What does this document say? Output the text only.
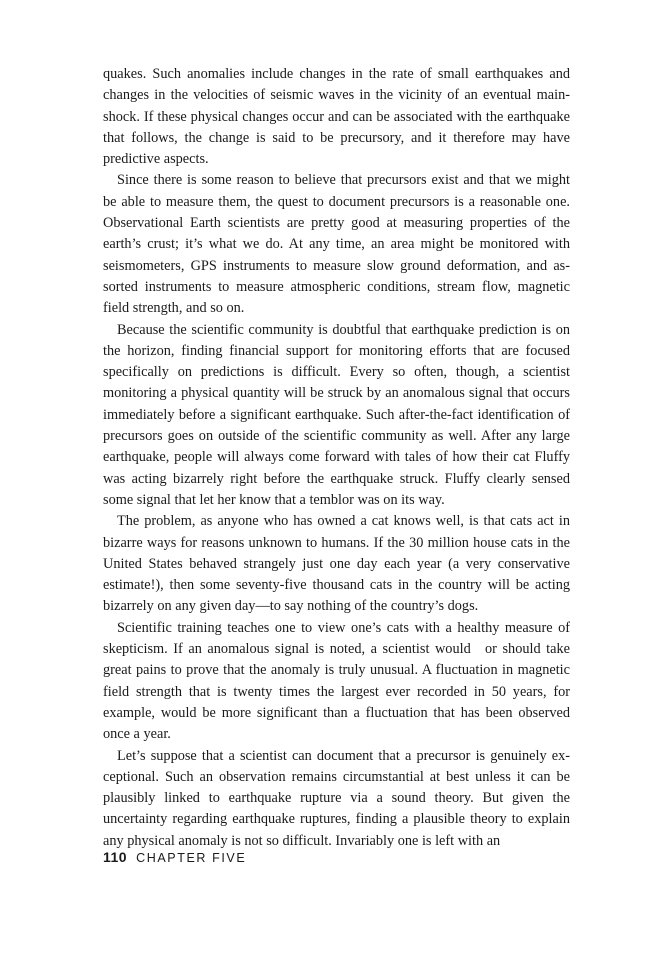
quakes. Such anomalies include changes in the rate of small earthquakes and changes in the velocities of seismic waves in the vicinity of an eventual mainshock. If these physical changes occur and can be associated with the earthquake that follows, the change is said to be precursory, and it therefore may have predictive aspects.

Since there is some reason to believe that precursors exist and that we might be able to measure them, the quest to document precursors is a reasonable one. Observational Earth scientists are pretty good at measuring properties of the earth’s crust; it’s what we do. At any time, an area might be monitored with seismometers, GPS instruments to measure slow ground deformation, and assorted instruments to measure atmospheric conditions, stream flow, magnetic field strength, and so on.

Because the scientific community is doubtful that earthquake prediction is on the horizon, finding financial support for monitoring efforts that are focused specifically on predictions is difficult. Every so often, though, a scientist monitoring a physical quantity will be struck by an anomalous signal that occurs immediately before a significant earthquake. Such after-the-fact identification of precursors goes on outside of the scientific community as well. After any large earthquake, people will always come forward with tales of how their cat Fluffy was acting bizarrely right before the earthquake struck. Fluffy clearly sensed some signal that let her know that a temblor was on its way.

The problem, as anyone who has owned a cat knows well, is that cats act in bizarre ways for reasons unknown to humans. If the 30 million house cats in the United States behaved strangely just one day each year (a very conservative estimate!), then some seventy-five thousand cats in the country will be acting bizarrely on any given day—to say nothing of the country’s dogs.

Scientific training teaches one to view one’s cats with a healthy measure of skepticism. If an anomalous signal is noted, a scientist would or should take great pains to prove that the anomaly is truly unusual. A fluctuation in magnetic field strength that is twenty times the largest ever recorded in 50 years, for example, would be more significant than a fluctuation that has been observed once a year.

Let’s suppose that a scientist can document that a precursor is genuinely exceptional. Such an observation remains circumstantial at best unless it can be plausibly linked to earthquake rupture via a sound theory. But given the uncertainty regarding earthquake ruptures, finding a plausible theory to explain any physical anomaly is not so difficult. Invariably one is left with an

110 CHAPTER FIVE
